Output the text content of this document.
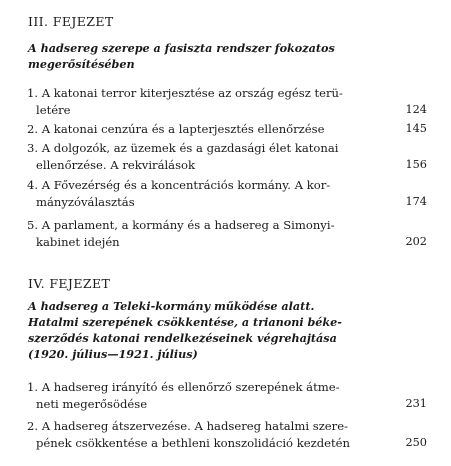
III. FEJEZET
A hadsereg szerepe a fasiszta rendszer fokozatos
megerősítésében
1. A katonai terror kiterjesztése az ország egész terü-
letére	124
2. A katonai cenzúra és a lapterjesztés ellenőrzése	145
3. A dolgozók, az üzemek és a gazdasági élet katonai
ellenőrzése. A rekvirálások	156
4. A Fővezérség és a koncentrációs kormány. A kor-
mányzóválasztás	174
5. A parlament, a kormány és a hadsereg a Simonyi-
kabinet idején	202
IV. FEJEZET
A hadsereg a Teleki-kormány működése alatt.
Hatalmi szerepének csökkentése, a trianoni béke-
szerződés katonai rendelkezéseinek végrehajtása
(1920. július—1921. július)
1. A hadsereg irányító és ellenőrző szerepének átme-
neti megerősödése	231
2. A hadsereg átszervezése. A hadsereg hatalmi szere-
pének csökkentése a bethleni konszolidáció kezdetén	250
